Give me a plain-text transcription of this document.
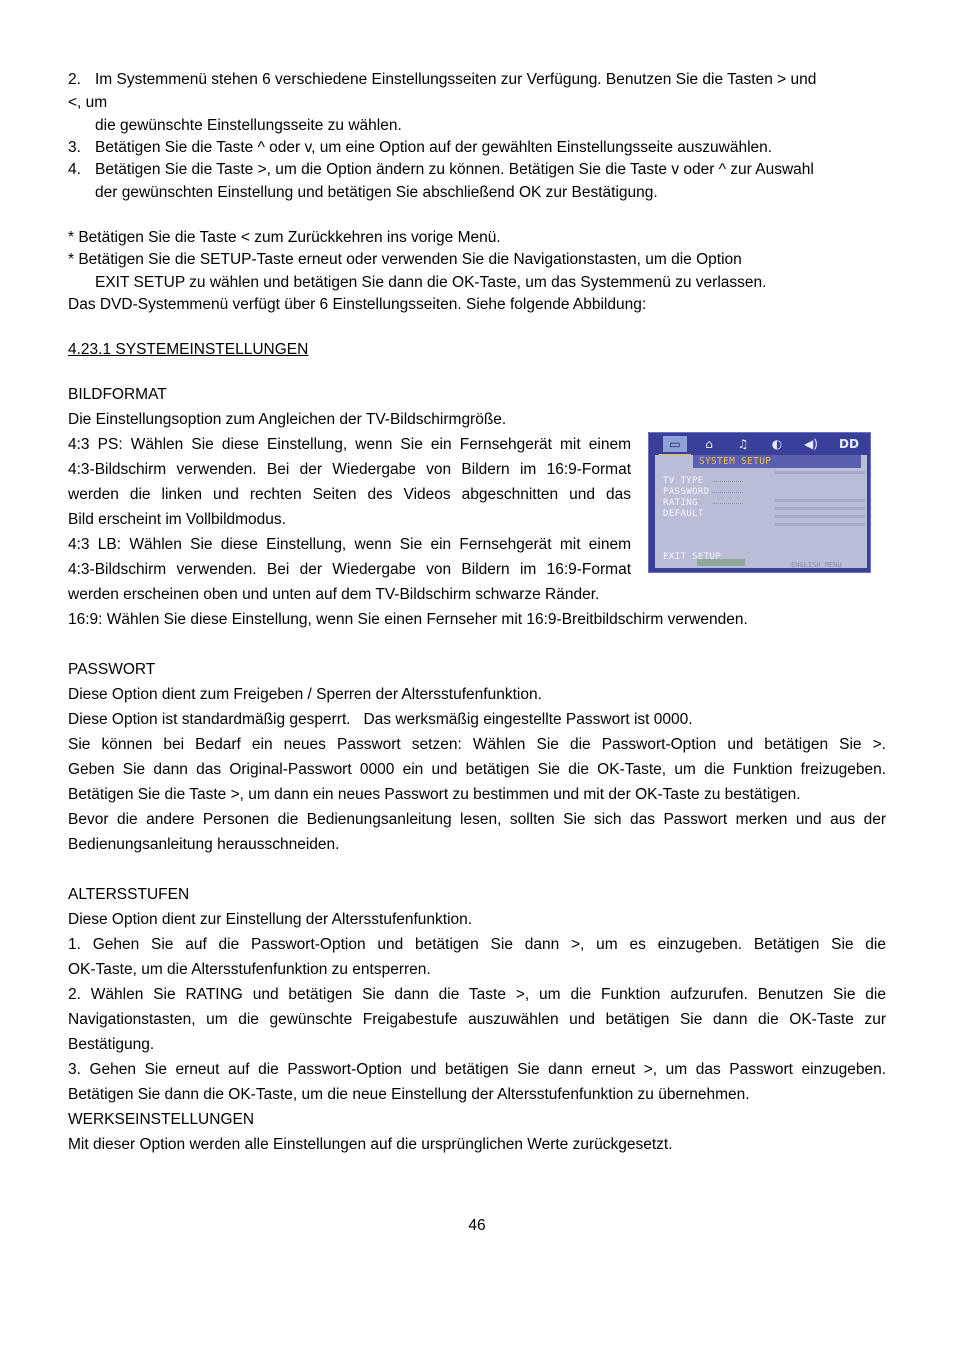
2. Im Systemmenü stehen 6 verschiedene Einstellungsseiten zur Verfügung. Benutzen Sie die Tasten > und
<, um
die gewünschte Einstellungsseite zu wählen.
3. Betätigen Sie die Taste ^ oder v, um eine Option auf der gewählten Einstellungsseite auszuwählen.
4. Betätigen Sie die Taste >, um die Option ändern zu können. Betätigen Sie die Taste v oder ^ zur Auswahl
der gewünschten Einstellung und betätigen Sie abschließend OK zur Bestätigung.
* Betätigen Sie die Taste < zum Zurückkehren ins vorige Menü.
* Betätigen Sie die SETUP-Taste erneut oder verwenden Sie die Navigationstasten, um die Option
EXIT SETUP zu wählen und betätigen Sie dann die OK-Taste, um das Systemmenü zu verlassen.
Das DVD-Systemmenü verfügt über 6 Einstellungsseiten. Siehe folgende Abbildung:
4.23.1 SYSTEMEINSTELLUNGEN
BILDFORMAT
Die Einstellungsoption zum Angleichen der TV-Bildschirmgröße.
4:3 PS: Wählen Sie diese Einstellung, wenn Sie ein Fernsehgerät mit einem
4:3-Bildschirm verwenden. Bei der Wiedergabe von Bildern im 16:9-Format
werden die linken und rechten Seiten des Videos abgeschnitten und das
Bild erscheint im Vollbildmodus.
4:3 LB: Wählen Sie diese Einstellung, wenn Sie ein Fernsehgerät mit einem
4:3-Bildschirm verwenden. Bei der Wiedergabe von Bildern im 16:9-Format
werden erscheinen oben und unten auf dem TV-Bildschirm schwarze Ränder.
16:9: Wählen Sie diese Einstellung, wenn Sie einen Fernseher mit 16:9-Breitbildschirm verwenden.
▭	⌂	♫	◐	◀)	DD
ENGLISH MENU
SYSTEM SETUP
TV TYPE
PASSWORD
RATING
DEFAULT
EXIT SETUP
PASSWORT
Diese Option dient zum Freigeben / Sperren der Altersstufenfunktion.
Diese Option ist standardmäßig gesperrt.   Das werksmäßig eingestellte Passwort ist 0000.
Sie können bei Bedarf ein neues Passwort setzen: Wählen Sie die Passwort-Option und betätigen Sie >.
Geben Sie dann das Original-Passwort 0000 ein und betätigen Sie die OK-Taste, um die Funktion freizugeben.
Betätigen Sie die Taste >, um dann ein neues Passwort zu bestimmen und mit der OK-Taste zu bestätigen.
Bevor die andere Personen die Bedienungsanleitung lesen, sollten Sie sich das Passwort merken und aus der
Bedienungsanleitung herausschneiden.
ALTERSSTUFEN
Diese Option dient zur Einstellung der Altersstufenfunktion.
1. Gehen Sie auf die Passwort-Option und betätigen Sie dann >, um es einzugeben. Betätigen Sie die
OK-Taste, um die Altersstufenfunktion zu entsperren.
2. Wählen Sie RATING und betätigen Sie dann die Taste >, um die Funktion aufzurufen. Benutzen Sie die
Navigationstasten, um die gewünschte Freigabestufe auszuwählen und betätigen Sie dann die OK-Taste zur
Bestätigung.
3. Gehen Sie erneut auf die Passwort-Option und betätigen Sie dann erneut >, um das Passwort einzugeben.
Betätigen Sie dann die OK-Taste, um die neue Einstellung der Altersstufenfunktion zu übernehmen.
WERKSEINSTELLUNGEN
Mit dieser Option werden alle Einstellungen auf die ursprünglichen Werte zurückgesetzt.
46
